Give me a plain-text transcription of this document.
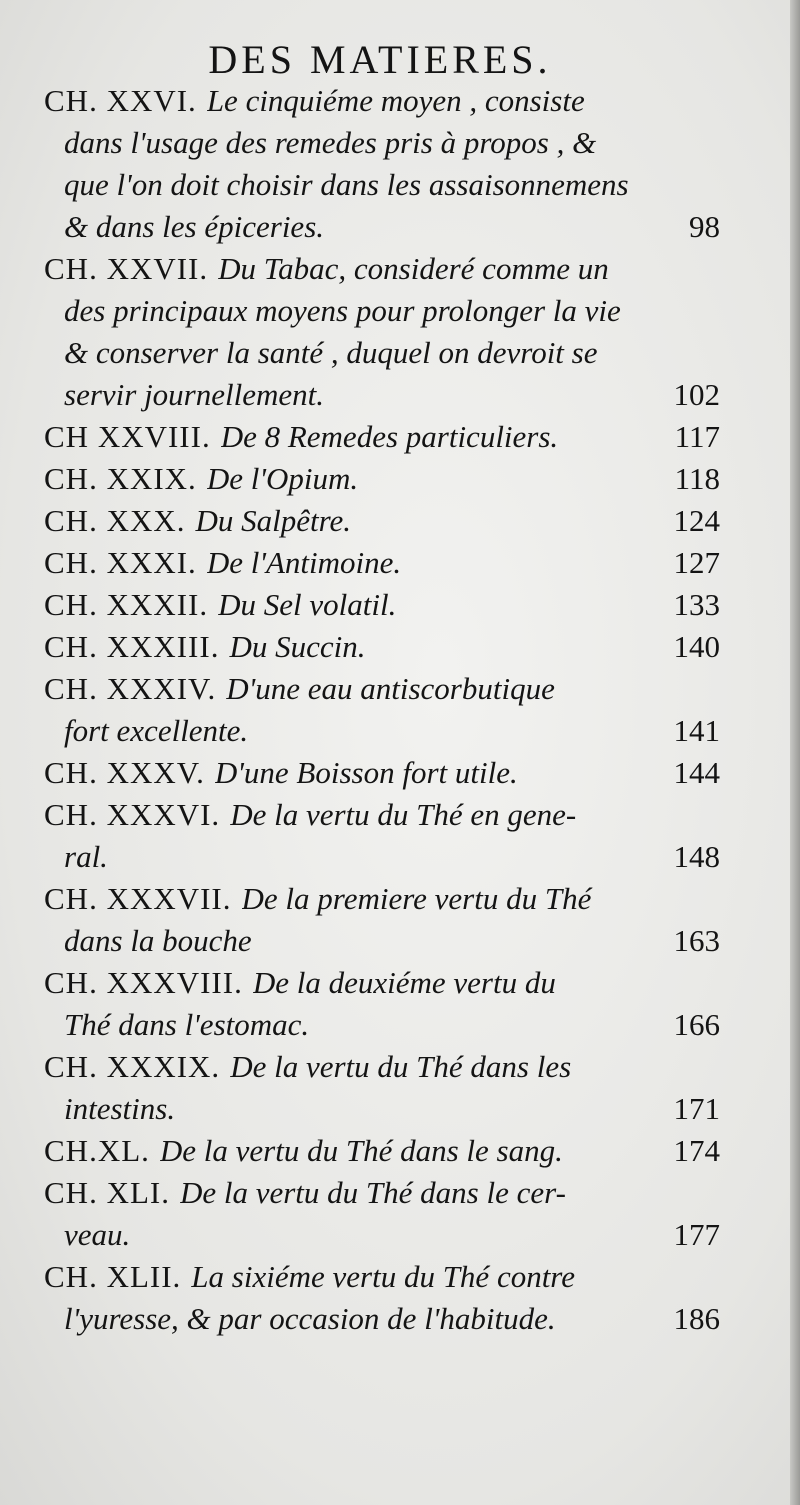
DES MATIERES.
CH. XXVI. Le cinquiéme moyen , consiste
dans l'usage des remedes pris à propos , &
que l'on doit choisir dans les assaisonnemens
& dans les épiceries.	98
CH. XXVII. Du Tabac, consideré comme un
des principaux moyens pour prolonger la vie
& conserver la santé , duquel on devroit se
servir journellement.	102
CH XXVIII. De 8 Remedes particuliers.	117
CH. XXIX. De l'Opium.	118
CH. XXX. Du Salpêtre.	124
CH. XXXI. De l'Antimoine.	127
CH. XXXII. Du Sel volatil.	133
CH. XXXIII. Du Succin.	140
CH. XXXIV. D'une eau antiscorbutique
fort excellente.	141
CH. XXXV. D'une Boisson fort utile.	144
CH. XXXVI. De la vertu du Thé en gene-
ral.	148
CH. XXXVII. De la premiere vertu du Thé
dans la bouche	163
CH. XXXVIII. De la deuxiéme vertu du
Thé dans l'estomac.	166
CH. XXXIX. De la vertu du Thé dans les
intestins.	171
CH.XL. De la vertu du Thé dans le sang.	174
CH. XLI. De la vertu du Thé dans le cer-
veau.	177
CH. XLII. La sixiéme vertu du Thé contre
l'yuresse, & par occasion de l'habitude.	186
